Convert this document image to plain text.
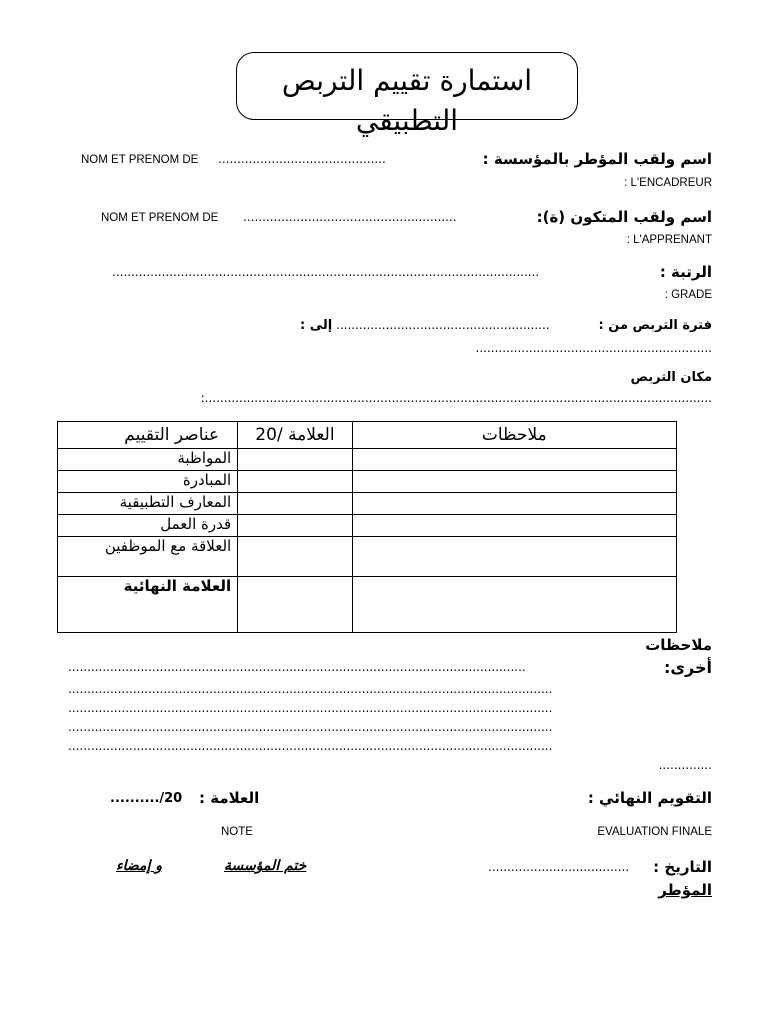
استمارة تقييم التربص التطبيقي
NOM ET PRENOM DE ............................................	اسم ولقب المؤطر بالمؤسسة :
: L'ENCADREUR
NOM ET PRENOM DE ........................................................	اسم ولقب المتكون (ة):
: L'APPRENANT
................................................................................................................	الرتبة :
: GRADE
إلى : ........................................................	فترة التربص من :
..............................................................
مكان التربص
:.....................................................................................................................................
عناصر التقييم	العلامة /20	ملاحظات
المواظبة		
المبادرة		
المعارف التطبيقية		
قدرة العمل		
العلاقة مع الموظفين		
العلامة النهائية		
ملاحظات
أخرى:
........................................................................................................................
...............................................................................................................................
...............................................................................................................................
...............................................................................................................................
...............................................................................................................................
..............
التقويم النهائي :
EVALUATION FINALE
العلامة :
........../20
NOTE
التاريخ :
.....................................
المؤطر
ختم المؤسسة
و إمضاء
